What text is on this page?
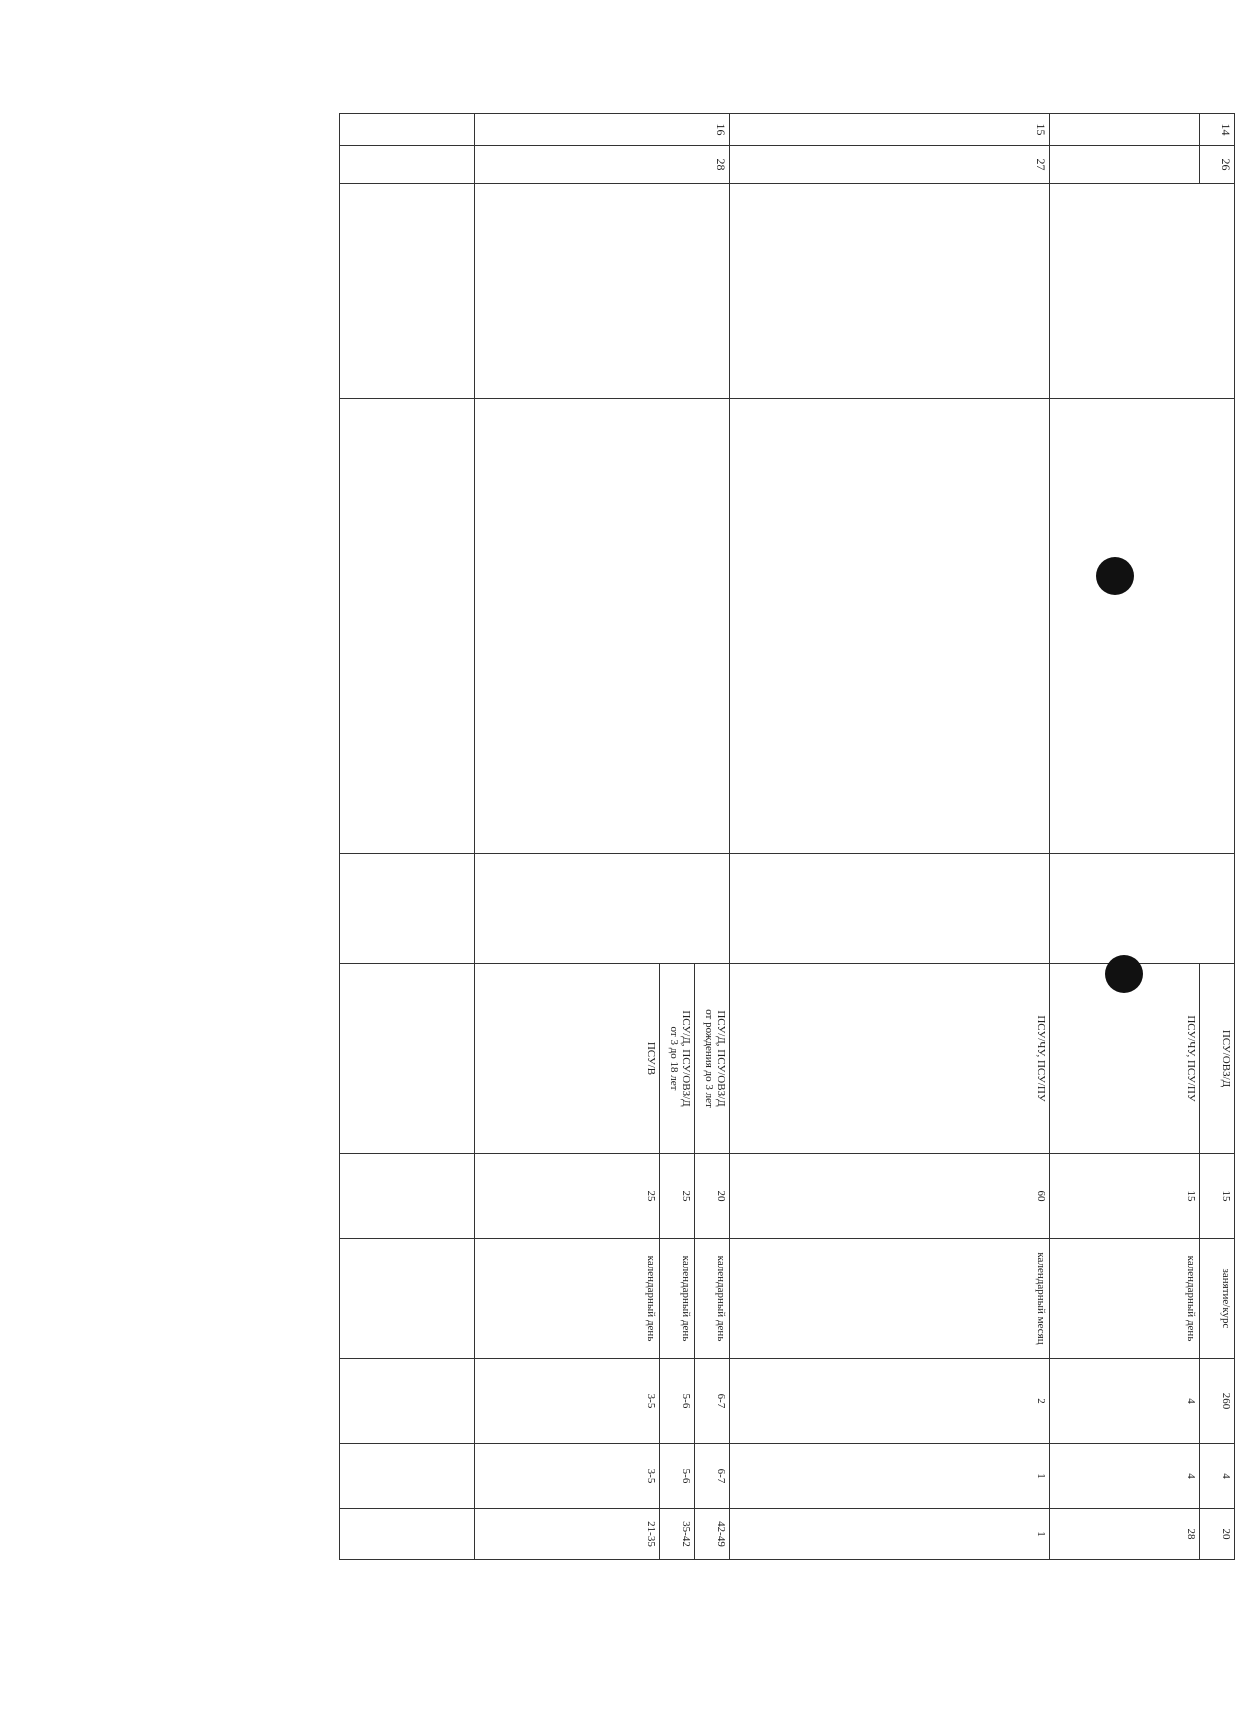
14	26				ПСУ/ОВЗ/Д	15	занятие/курс	260	4	20
					ПСУ/ЧУ, ПСУ/ПУ	15	календарный день	4	4	28
15	27				ПСУ/ЧУ, ПСУ/ПУ	60	календарный месяц	2	1	1
16	28				ПСУ/Д, ПСУ/ОВЗ/Д
от рождения до 3 лет	20	календарный день	6-7	6-7	42-49
					ПСУ/Д, ПСУ/ОВЗ/Д
от 3 до 18 лет	25	календарный день	5-6	5-6	35-42
					ПСУ/В	25	календарный день	3-5	3-5	21-35
